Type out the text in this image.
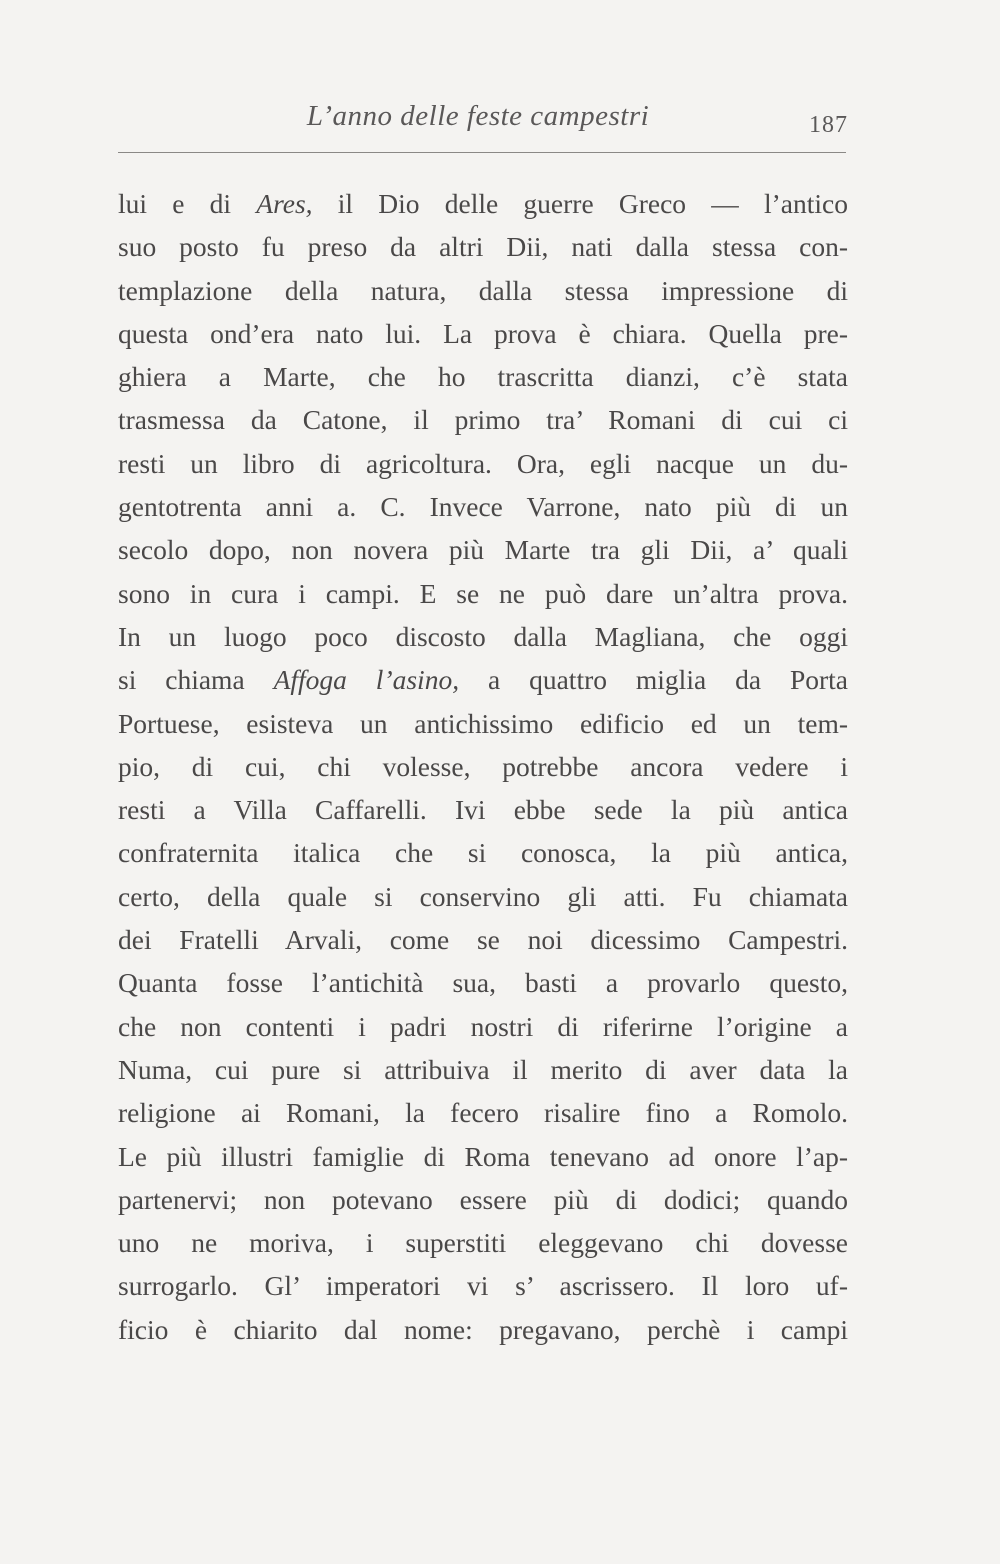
L’anno delle feste campestri	187
lui e di Ares, il Dio delle guerre Greco — l’antico
suo posto fu preso da altri Dii, nati dalla stessa con-
templazione della natura, dalla stessa impressione di
questa ond’era nato lui. La prova è chiara. Quella pre-
ghiera a Marte, che ho trascritta dianzi, c’è stata
trasmessa da Catone, il primo tra’ Romani di cui ci
resti un libro di agricoltura. Ora, egli nacque un du-
gentotrenta anni a. C. Invece Varrone, nato più di un
secolo dopo, non novera più Marte tra gli Dii, a’ quali
sono in cura i campi. E se ne può dare un’altra prova.
In un luogo poco discosto dalla Magliana, che oggi
si chiama Affoga l’asino, a quattro miglia da Porta
Portuese, esisteva un antichissimo edificio ed un tem-
pio, di cui, chi volesse, potrebbe ancora vedere i
resti a Villa Caffarelli. Ivi ebbe sede la più antica
confraternita italica che si conosca, la più antica,
certo, della quale si conservino gli atti. Fu chiamata
dei Fratelli Arvali, come se noi dicessimo Campestri.
Quanta fosse l’antichità sua, basti a provarlo questo,
che non contenti i padri nostri di riferirne l’origine a
Numa, cui pure si attribuiva il merito di aver data la
religione ai Romani, la fecero risalire fino a Romolo.
Le più illustri famiglie di Roma tenevano ad onore l’ap-
partenervi; non potevano essere più di dodici; quando
uno ne moriva, i superstiti eleggevano chi dovesse
surrogarlo. Gl’ imperatori vi s’ ascrissero. Il loro uf-
ficio è chiarito dal nome: pregavano, perchè i campi
